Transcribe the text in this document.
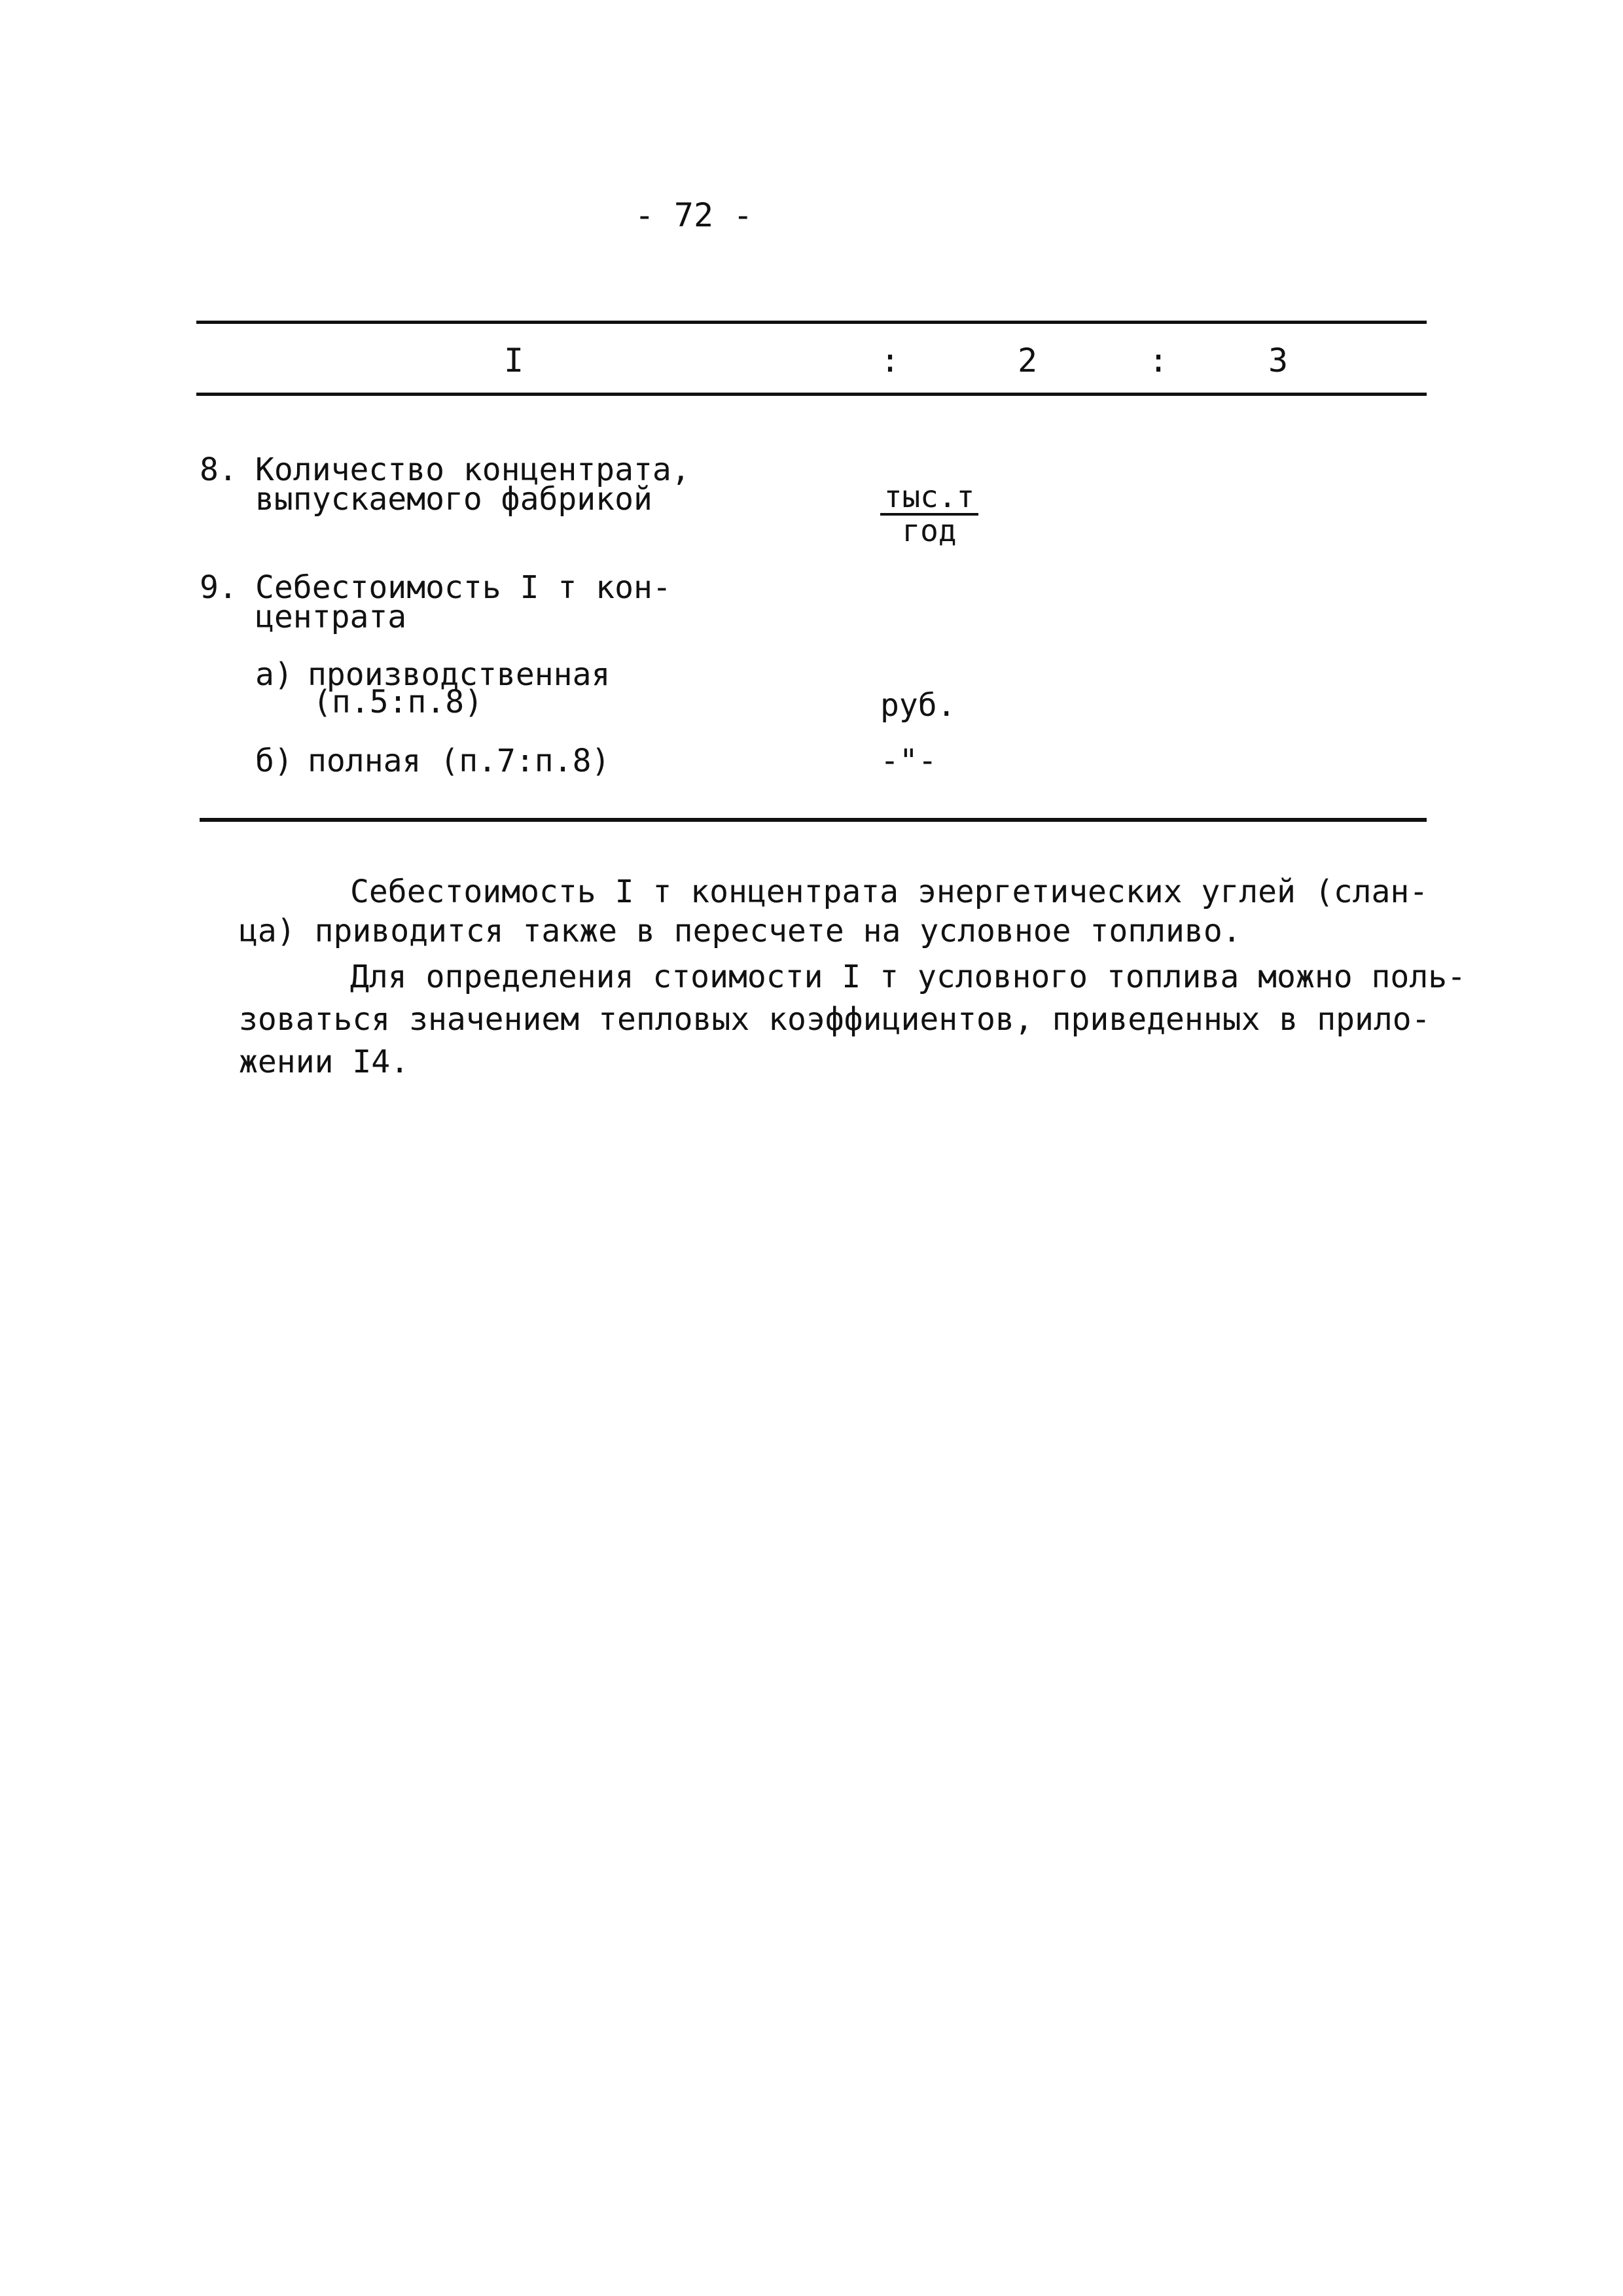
- 72 -
I	:	2	:	3
8. Количество концентрата,
выпускаемого фабрикой	тыс.т
год
9. Себестоимость I т кон-
центрата
а) производственная
(п.5:п.8)	руб.
б) полная (п.7:п.8)	-"-
Себестоимость I т концентрата энергетических углей (слан-
ца) приводится также в пересчете на условное топливо.
Для определения стоимости I т условного топлива можно поль-
зоваться значением тепловых коэффициентов, приведенных в прило-
жении I4.
